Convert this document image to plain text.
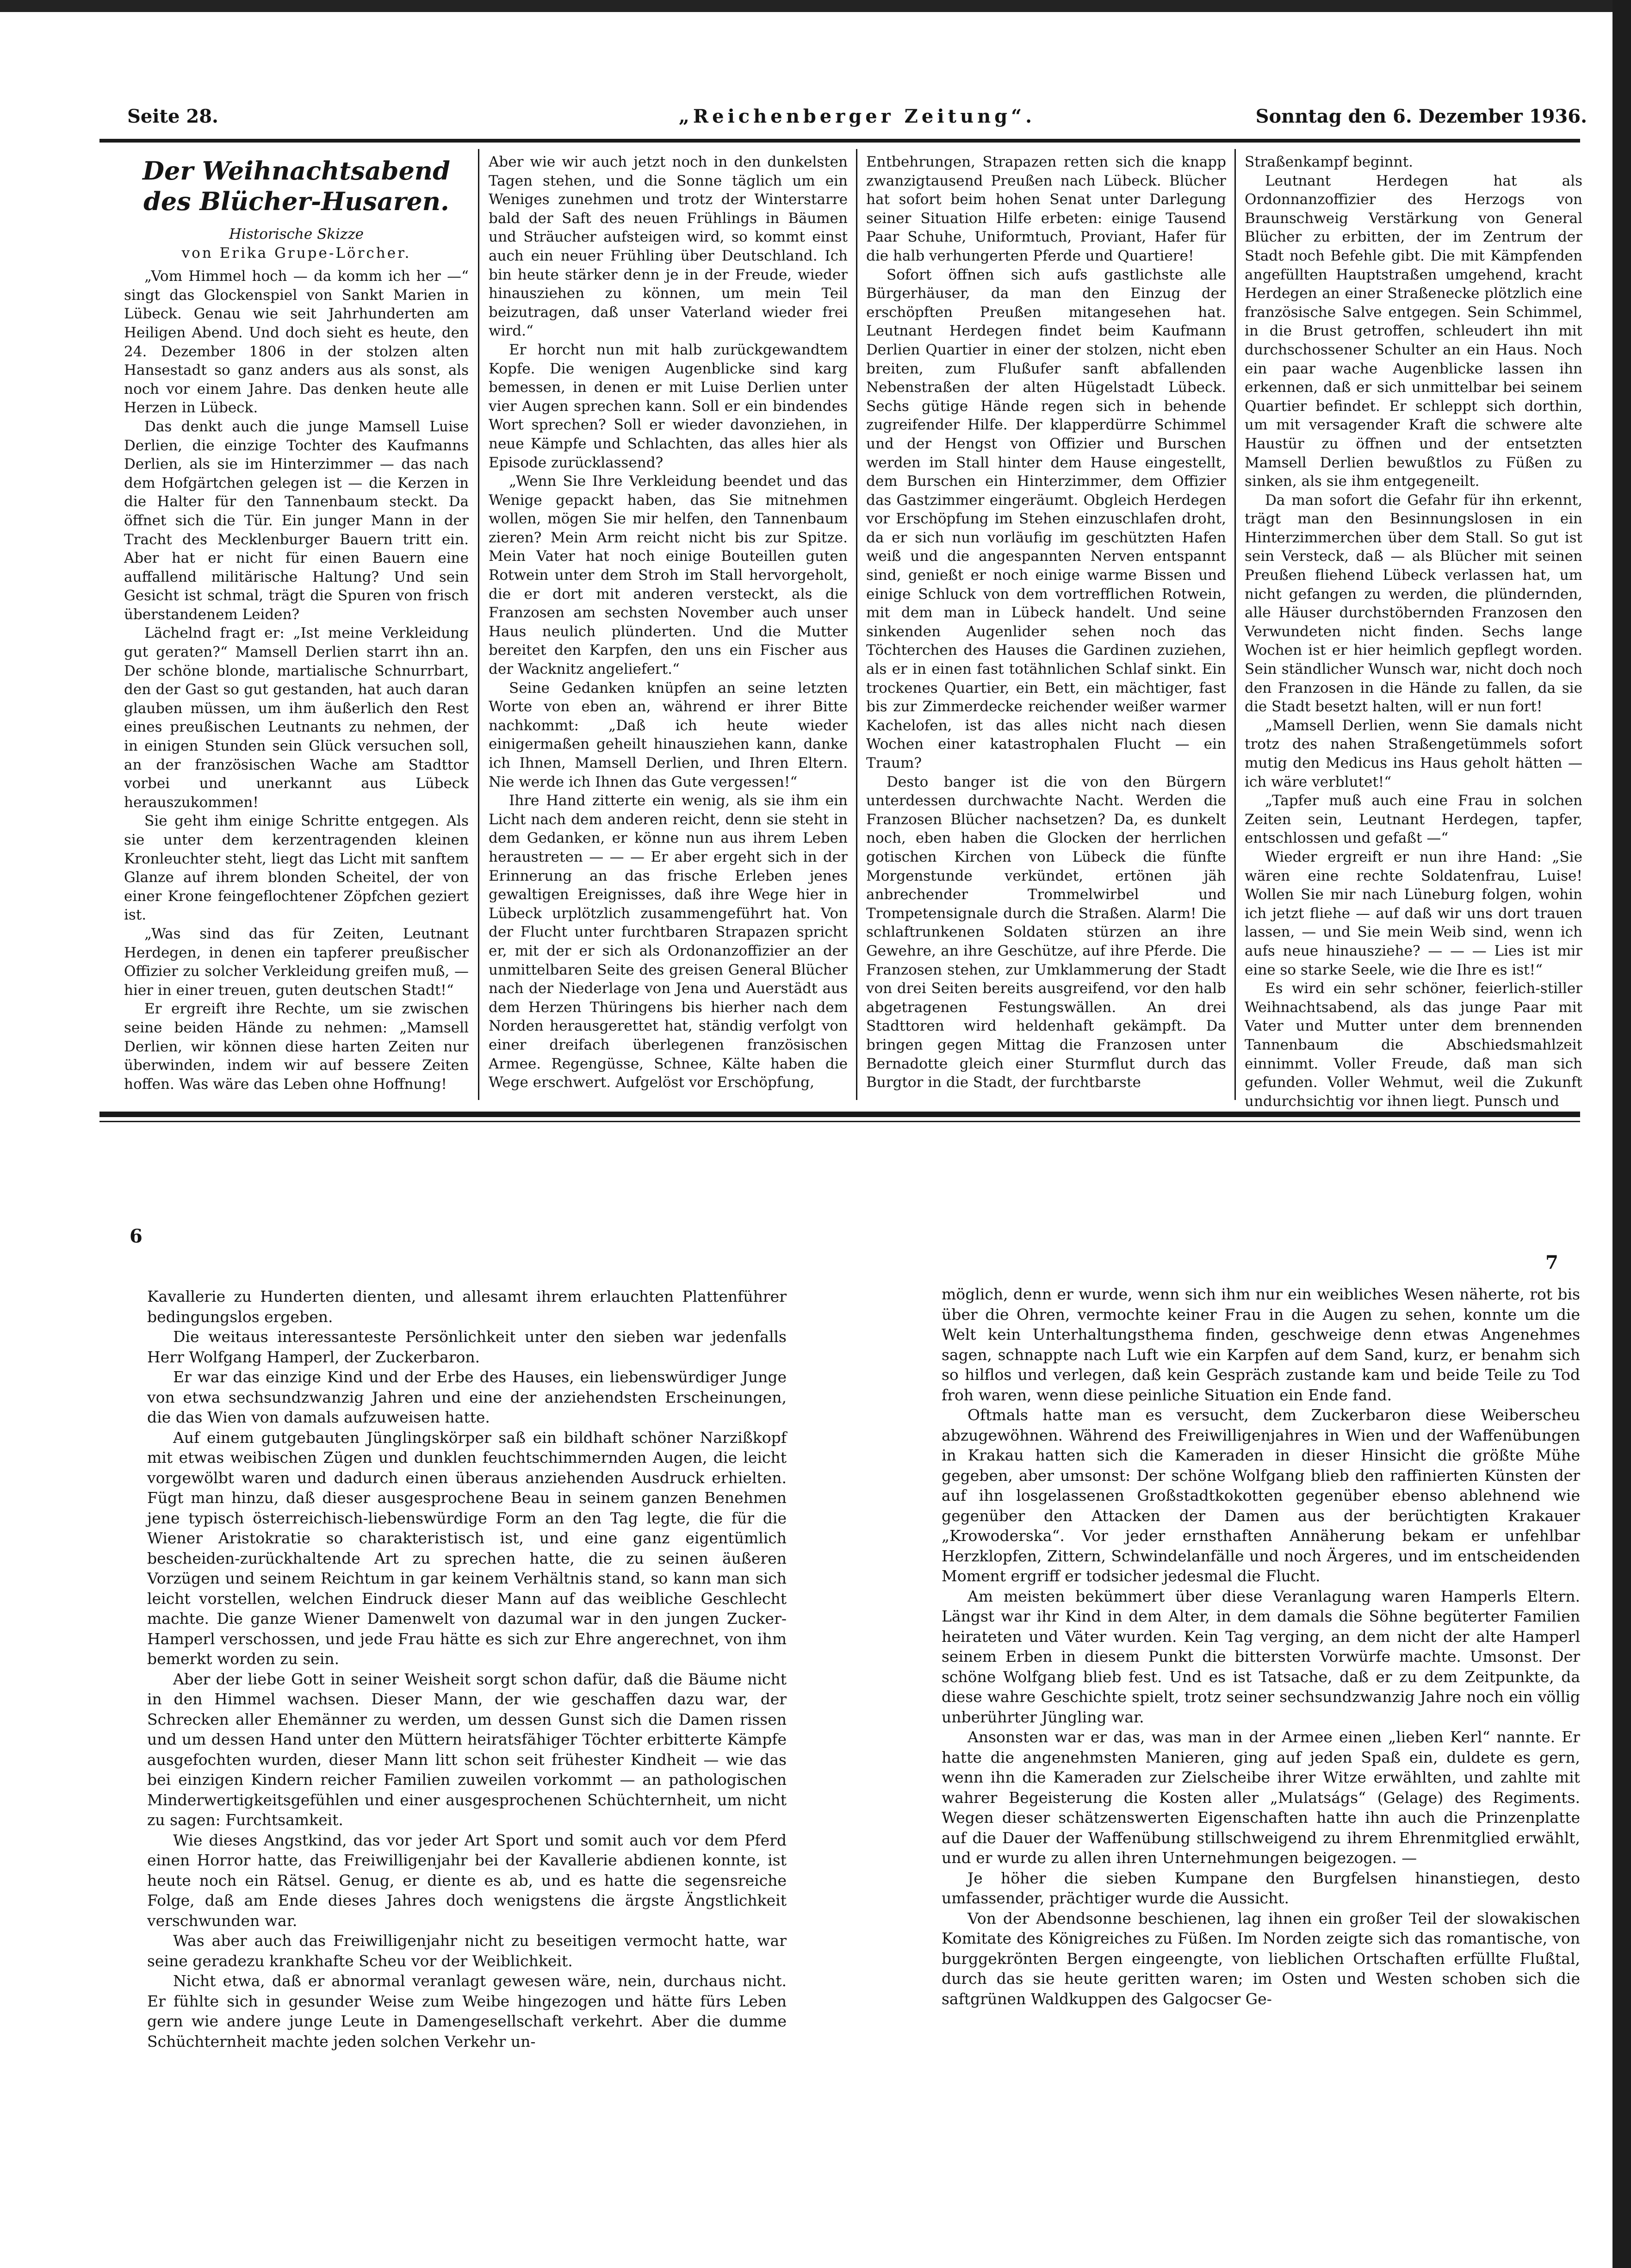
Seite 28.	„Reichenberger Zeitung“.	Sonntag den 6. Dezember 1936.
Der Weihnachtsabend des Blücher-Husaren.

Historische Skizze

von Erika Grupe-Lörcher.

„Vom Himmel hoch — da komm ich her —“ singt das Glockenspiel von Sankt Marien in Lübeck. Genau wie seit Jahrhunderten am Heiligen Abend. Und doch sieht es heute, den 24. Dezember 1806 in der stolzen alten Hansestadt so ganz anders aus als sonst, als noch vor einem Jahre. Das denken heute alle Herzen in Lübeck.

Das denkt auch die junge Mamsell Luise Derlien, die einzige Tochter des Kaufmanns Derlien, als sie im Hinterzimmer — das nach dem Hofgärtchen gelegen ist — die Kerzen in die Halter für den Tannenbaum steckt. Da öffnet sich die Tür. Ein junger Mann in der Tracht des Mecklenburger Bauern tritt ein. Aber hat er nicht für einen Bauern eine auffallend militärische Haltung? Und sein Gesicht ist schmal, trägt die Spuren von frisch überstandenem Leiden?

Lächelnd fragt er: „Ist meine Verkleidung gut geraten?“ Mamsell Derlien starrt ihn an. Der schöne blonde, martialische Schnurrbart, den der Gast so gut gestanden, hat auch daran glauben müssen, um ihm äußerlich den Rest eines preußischen Leutnants zu nehmen, der in einigen Stunden sein Glück versuchen soll, an der französischen Wache am Stadttor vorbei und unerkannt aus Lübeck herauszukommen!

Sie geht ihm einige Schritte entgegen. Als sie unter dem kerzentragenden kleinen Kronleuchter steht, liegt das Licht mit sanftem Glanze auf ihrem blonden Scheitel, der von einer Krone feingeflochtener Zöpfchen geziert ist.

„Was sind das für Zeiten, Leutnant Herdegen, in denen ein tapferer preußischer Offizier zu solcher Verkleidung greifen muß, — hier in einer treuen, guten deutschen Stadt!“

Er ergreift ihre Rechte, um sie zwischen seine beiden Hände zu nehmen: „Mamsell Derlien, wir können diese harten Zeiten nur überwinden, indem wir auf bessere Zeiten hoffen. Was wäre das Leben ohne Hoffnung!

Aber wie wir auch jetzt noch in den dunkelsten Tagen stehen, und die Sonne täglich um ein Weniges zunehmen und trotz der Winterstarre bald der Saft des neuen Frühlings in Bäumen und Sträucher aufsteigen wird, so kommt einst auch ein neuer Frühling über Deutschland. Ich bin heute stärker denn je in der Freude, wieder hinausziehen zu können, um mein Teil beizutragen, daß unser Vaterland wieder frei wird.“

Er horcht nun mit halb zurückgewandtem Kopfe. Die wenigen Augenblicke sind karg bemessen, in denen er mit Luise Derlien unter vier Augen sprechen kann. Soll er ein bindendes Wort sprechen? Soll er wieder davonziehen, in neue Kämpfe und Schlachten, das alles hier als Episode zurücklassend?

„Wenn Sie Ihre Verkleidung beendet und das Wenige gepackt haben, das Sie mitnehmen wollen, mögen Sie mir helfen, den Tannenbaum zieren? Mein Arm reicht nicht bis zur Spitze. Mein Vater hat noch einige Bouteillen guten Rotwein unter dem Stroh im Stall hervorgeholt, die er dort mit anderen versteckt, als die Franzosen am sechsten November auch unser Haus neulich plünderten. Und die Mutter bereitet den Karpfen, den uns ein Fischer aus der Wacknitz angeliefert.“

Seine Gedanken knüpfen an seine letzten Worte von eben an, während er ihrer Bitte nachkommt: „Daß ich heute wieder einigermaßen geheilt hinausziehen kann, danke ich Ihnen, Mamsell Derlien, und Ihren Eltern. Nie werde ich Ihnen das Gute vergessen!“

Ihre Hand zitterte ein wenig, als sie ihm ein Licht nach dem anderen reicht, denn sie steht in dem Gedanken, er könne nun aus ihrem Leben heraustreten — — — Er aber ergeht sich in der Erinnerung an das frische Erleben jenes gewaltigen Ereignisses, daß ihre Wege hier in Lübeck urplötzlich zusammengeführt hat. Von der Flucht unter furchtbaren Strapazen spricht er, mit der er sich als Ordonanzoffizier an der unmittelbaren Seite des greisen General Blücher nach der Niederlage von Jena und Auerstädt aus dem Herzen Thüringens bis hierher nach dem Norden herausgerettet hat, ständig verfolgt von einer dreifach überlegenen französischen Armee. Regengüsse, Schnee, Kälte haben die Wege erschwert. Aufgelöst vor Erschöpfung,

Entbehrungen, Strapazen retten sich die knapp zwanzigtausend Preußen nach Lübeck. Blücher hat sofort beim hohen Senat unter Darlegung seiner Situation Hilfe erbeten: einige Tausend Paar Schuhe, Uniformtuch, Proviant, Hafer für die halb verhungerten Pferde und Quartiere!

Sofort öffnen sich aufs gastlichste alle Bürgerhäuser, da man den Einzug der erschöpften Preußen mitangesehen hat. Leutnant Herdegen findet beim Kaufmann Derlien Quartier in einer der stolzen, nicht eben breiten, zum Flußufer sanft abfallenden Nebenstraßen der alten Hügelstadt Lübeck. Sechs gütige Hände regen sich in behende zugreifender Hilfe. Der klapperdürre Schimmel und der Hengst von Offizier und Burschen werden im Stall hinter dem Hause eingestellt, dem Burschen ein Hinterzimmer, dem Offizier das Gastzimmer eingeräumt. Obgleich Herdegen vor Erschöpfung im Stehen einzuschlafen droht, da er sich nun vorläufig im geschützten Hafen weiß und die angespannten Nerven entspannt sind, genießt er noch einige warme Bissen und einige Schluck von dem vortrefflichen Rotwein, mit dem man in Lübeck handelt. Und seine sinkenden Augenlider sehen noch das Töchterchen des Hauses die Gardinen zuziehen, als er in einen fast totähnlichen Schlaf sinkt. Ein trockenes Quartier, ein Bett, ein mächtiger, fast bis zur Zimmerdecke reichender weißer warmer Kachelofen, ist das alles nicht nach diesen Wochen einer katastrophalen Flucht — ein Traum?

Desto banger ist die von den Bürgern unterdessen durchwachte Nacht. Werden die Franzosen Blücher nachsetzen? Da, es dunkelt noch, eben haben die Glocken der herrlichen gotischen Kirchen von Lübeck die fünfte Morgenstunde verkündet, ertönen jäh anbrechender Trommelwirbel und Trompetensignale durch die Straßen. Alarm! Die schlaftrunkenen Soldaten stürzen an ihre Gewehre, an ihre Geschütze, auf ihre Pferde. Die Franzosen stehen, zur Umklammerung der Stadt von drei Seiten bereits ausgreifend, vor den halb abgetragenen Festungswällen. An drei Stadttoren wird heldenhaft gekämpft. Da bringen gegen Mittag die Franzosen unter Bernadotte gleich einer Sturmflut durch das Burgtor in die Stadt, der furchtbarste

Straßenkampf beginnt.

Leutnant Herdegen hat als Ordonnanzoffizier des Herzogs von Braunschweig Verstärkung von General Blücher zu erbitten, der im Zentrum der Stadt noch Befehle gibt. Die mit Kämpfenden angefüllten Hauptstraßen umgehend, kracht Herdegen an einer Straßenecke plötzlich eine französische Salve entgegen. Sein Schimmel, in die Brust getroffen, schleudert ihn mit durchschossener Schulter an ein Haus. Noch ein paar wache Augenblicke lassen ihn erkennen, daß er sich unmittelbar bei seinem Quartier befindet. Er schleppt sich dorthin, um mit versagender Kraft die schwere alte Haustür zu öffnen und der entsetzten Mamsell Derlien bewußtlos zu Füßen zu sinken, als sie ihm entgegeneilt.

Da man sofort die Gefahr für ihn erkennt, trägt man den Besinnungslosen in ein Hinterzimmerchen über dem Stall. So gut ist sein Versteck, daß — als Blücher mit seinen Preußen fliehend Lübeck verlassen hat, um nicht gefangen zu werden, die plündernden, alle Häuser durchstöbernden Franzosen den Verwundeten nicht finden. Sechs lange Wochen ist er hier heimlich gepflegt worden. Sein ständlicher Wunsch war, nicht doch noch den Franzosen in die Hände zu fallen, da sie die Stadt besetzt halten, will er nun fort!

„Mamsell Derlien, wenn Sie damals nicht trotz des nahen Straßengetümmels sofort mutig den Medicus ins Haus geholt hätten — ich wäre verblutet!“

„Tapfer muß auch eine Frau in solchen Zeiten sein, Leutnant Herdegen, tapfer, entschlossen und gefaßt —“

Wieder ergreift er nun ihre Hand: „Sie wären eine rechte Soldatenfrau, Luise! Wollen Sie mir nach Lüneburg folgen, wohin ich jetzt fliehe — auf daß wir uns dort trauen lassen, — und Sie mein Weib sind, wenn ich aufs neue hinausziehe? — — — Lies ist mir eine so starke Seele, wie die Ihre es ist!“

Es wird ein sehr schöner, feierlich-stiller Weihnachtsabend, als das junge Paar mit Vater und Mutter unter dem brennenden Tannenbaum die Abschiedsmahlzeit einnimmt. Voller Freude, daß man sich gefunden. Voller Wehmut, weil die Zukunft undurchsichtig vor ihnen liegt. Punsch und

6
7

Kavallerie zu Hunderten dienten, und allesamt ihrem erlauchten Plattenführer bedingungslos ergeben.

Die weitaus interessanteste Persönlichkeit unter den sieben war jedenfalls Herr Wolfgang Hamperl, der Zuckerbaron.

Er war das einzige Kind und der Erbe des Hauses, ein liebenswürdiger Junge von etwa sechsundzwanzig Jahren und eine der anziehendsten Erscheinungen, die das Wien von damals aufzuweisen hatte.

Auf einem gutgebauten Jünglingskörper saß ein bildhaft schöner Narzißkopf mit etwas weibischen Zügen und dunklen feuchtschimmernden Augen, die leicht vorgewölbt waren und dadurch einen überaus anziehenden Ausdruck erhielten. Fügt man hinzu, daß dieser ausgesprochene Beau in seinem ganzen Benehmen jene typisch österreichisch-liebenswürdige Form an den Tag legte, die für die Wiener Aristokratie so charakteristisch ist, und eine ganz eigentümlich bescheiden-zurückhaltende Art zu sprechen hatte, die zu seinen äußeren Vorzügen und seinem Reichtum in gar keinem Verhältnis stand, so kann man sich leicht vorstellen, welchen Eindruck dieser Mann auf das weibliche Geschlecht machte. Die ganze Wiener Damenwelt von dazumal war in den jungen Zucker-Hamperl verschossen, und jede Frau hätte es sich zur Ehre angerechnet, von ihm bemerkt worden zu sein.

Aber der liebe Gott in seiner Weisheit sorgt schon dafür, daß die Bäume nicht in den Himmel wachsen. Dieser Mann, der wie geschaffen dazu war, der Schrecken aller Ehemänner zu werden, um dessen Gunst sich die Damen rissen und um dessen Hand unter den Müttern heiratsfähiger Töchter erbitterte Kämpfe ausgefochten wurden, dieser Mann litt schon seit frühester Kindheit — wie das bei einzigen Kindern reicher Familien zuweilen vorkommt — an pathologischen Minderwertigkeitsgefühlen und einer ausgesprochenen Schüchternheit, um nicht zu sagen: Furchtsamkeit.

Wie dieses Angstkind, das vor jeder Art Sport und somit auch vor dem Pferd einen Horror hatte, das Freiwilligenjahr bei der Kavallerie abdienen konnte, ist heute noch ein Rätsel. Genug, er diente es ab, und es hatte die segensreiche Folge, daß am Ende dieses Jahres doch wenigstens die ärgste Ängstlichkeit verschwunden war.

Was aber auch das Freiwilligenjahr nicht zu beseitigen vermocht hatte, war seine geradezu krankhafte Scheu vor der Weiblichkeit.

Nicht etwa, daß er abnormal veranlagt gewesen wäre, nein, durchaus nicht. Er fühlte sich in gesunder Weise zum Weibe hingezogen und hätte fürs Leben gern wie andere junge Leute in Damengesellschaft verkehrt. Aber die dumme Schüchternheit machte jeden solchen Verkehr un-

möglich, denn er wurde, wenn sich ihm nur ein weibliches Wesen näherte, rot bis über die Ohren, vermochte keiner Frau in die Augen zu sehen, konnte um die Welt kein Unterhaltungsthema finden, geschweige denn etwas Angenehmes sagen, schnappte nach Luft wie ein Karpfen auf dem Sand, kurz, er benahm sich so hilflos und verlegen, daß kein Gespräch zustande kam und beide Teile zu Tod froh waren, wenn diese peinliche Situation ein Ende fand.

Oftmals hatte man es versucht, dem Zuckerbaron diese Weiberscheu abzugewöhnen. Während des Freiwilligenjahres in Wien und der Waffenübungen in Krakau hatten sich die Kameraden in dieser Hinsicht die größte Mühe gegeben, aber umsonst: Der schöne Wolfgang blieb den raffinierten Künsten der auf ihn losgelassenen Großstadtkokotten gegenüber ebenso ablehnend wie gegenüber den Attacken der Damen aus der berüchtigten Krakauer „Krowoderska“. Vor jeder ernsthaften Annäherung bekam er unfehlbar Herzklopfen, Zittern, Schwindelanfälle und noch Ärgeres, und im entscheidenden Moment ergriff er todsicher jedesmal die Flucht.

Am meisten bekümmert über diese Veranlagung waren Hamperls Eltern. Längst war ihr Kind in dem Alter, in dem damals die Söhne begüterter Familien heirateten und Väter wurden. Kein Tag verging, an dem nicht der alte Hamperl seinem Erben in diesem Punkt die bittersten Vorwürfe machte. Umsonst. Der schöne Wolfgang blieb fest. Und es ist Tatsache, daß er zu dem Zeitpunkte, da diese wahre Geschichte spielt, trotz seiner sechsundzwanzig Jahre noch ein völlig unberührter Jüngling war.

Ansonsten war er das, was man in der Armee einen „lieben Kerl“ nannte. Er hatte die angenehmsten Manieren, ging auf jeden Spaß ein, duldete es gern, wenn ihn die Kameraden zur Zielscheibe ihrer Witze erwählten, und zahlte mit wahrer Begeisterung die Kosten aller „Mulatságs“ (Gelage) des Regiments. Wegen dieser schätzenswerten Eigenschaften hatte ihn auch die Prinzenplatte auf die Dauer der Waffenübung stillschweigend zu ihrem Ehrenmitglied erwählt, und er wurde zu allen ihren Unternehmungen beigezogen. —

Je höher die sieben Kumpane den Burgfelsen hinanstiegen, desto umfassender, prächtiger wurde die Aussicht.

Von der Abendsonne beschienen, lag ihnen ein großer Teil der slowakischen Komitate des Königreiches zu Füßen. Im Norden zeigte sich das romantische, von burggekrönten Bergen eingeengte, von lieblichen Ortschaften erfüllte Flußtal, durch das sie heute geritten waren; im Osten und Westen schoben sich die saftgrünen Waldkuppen des Galgocser Ge-
